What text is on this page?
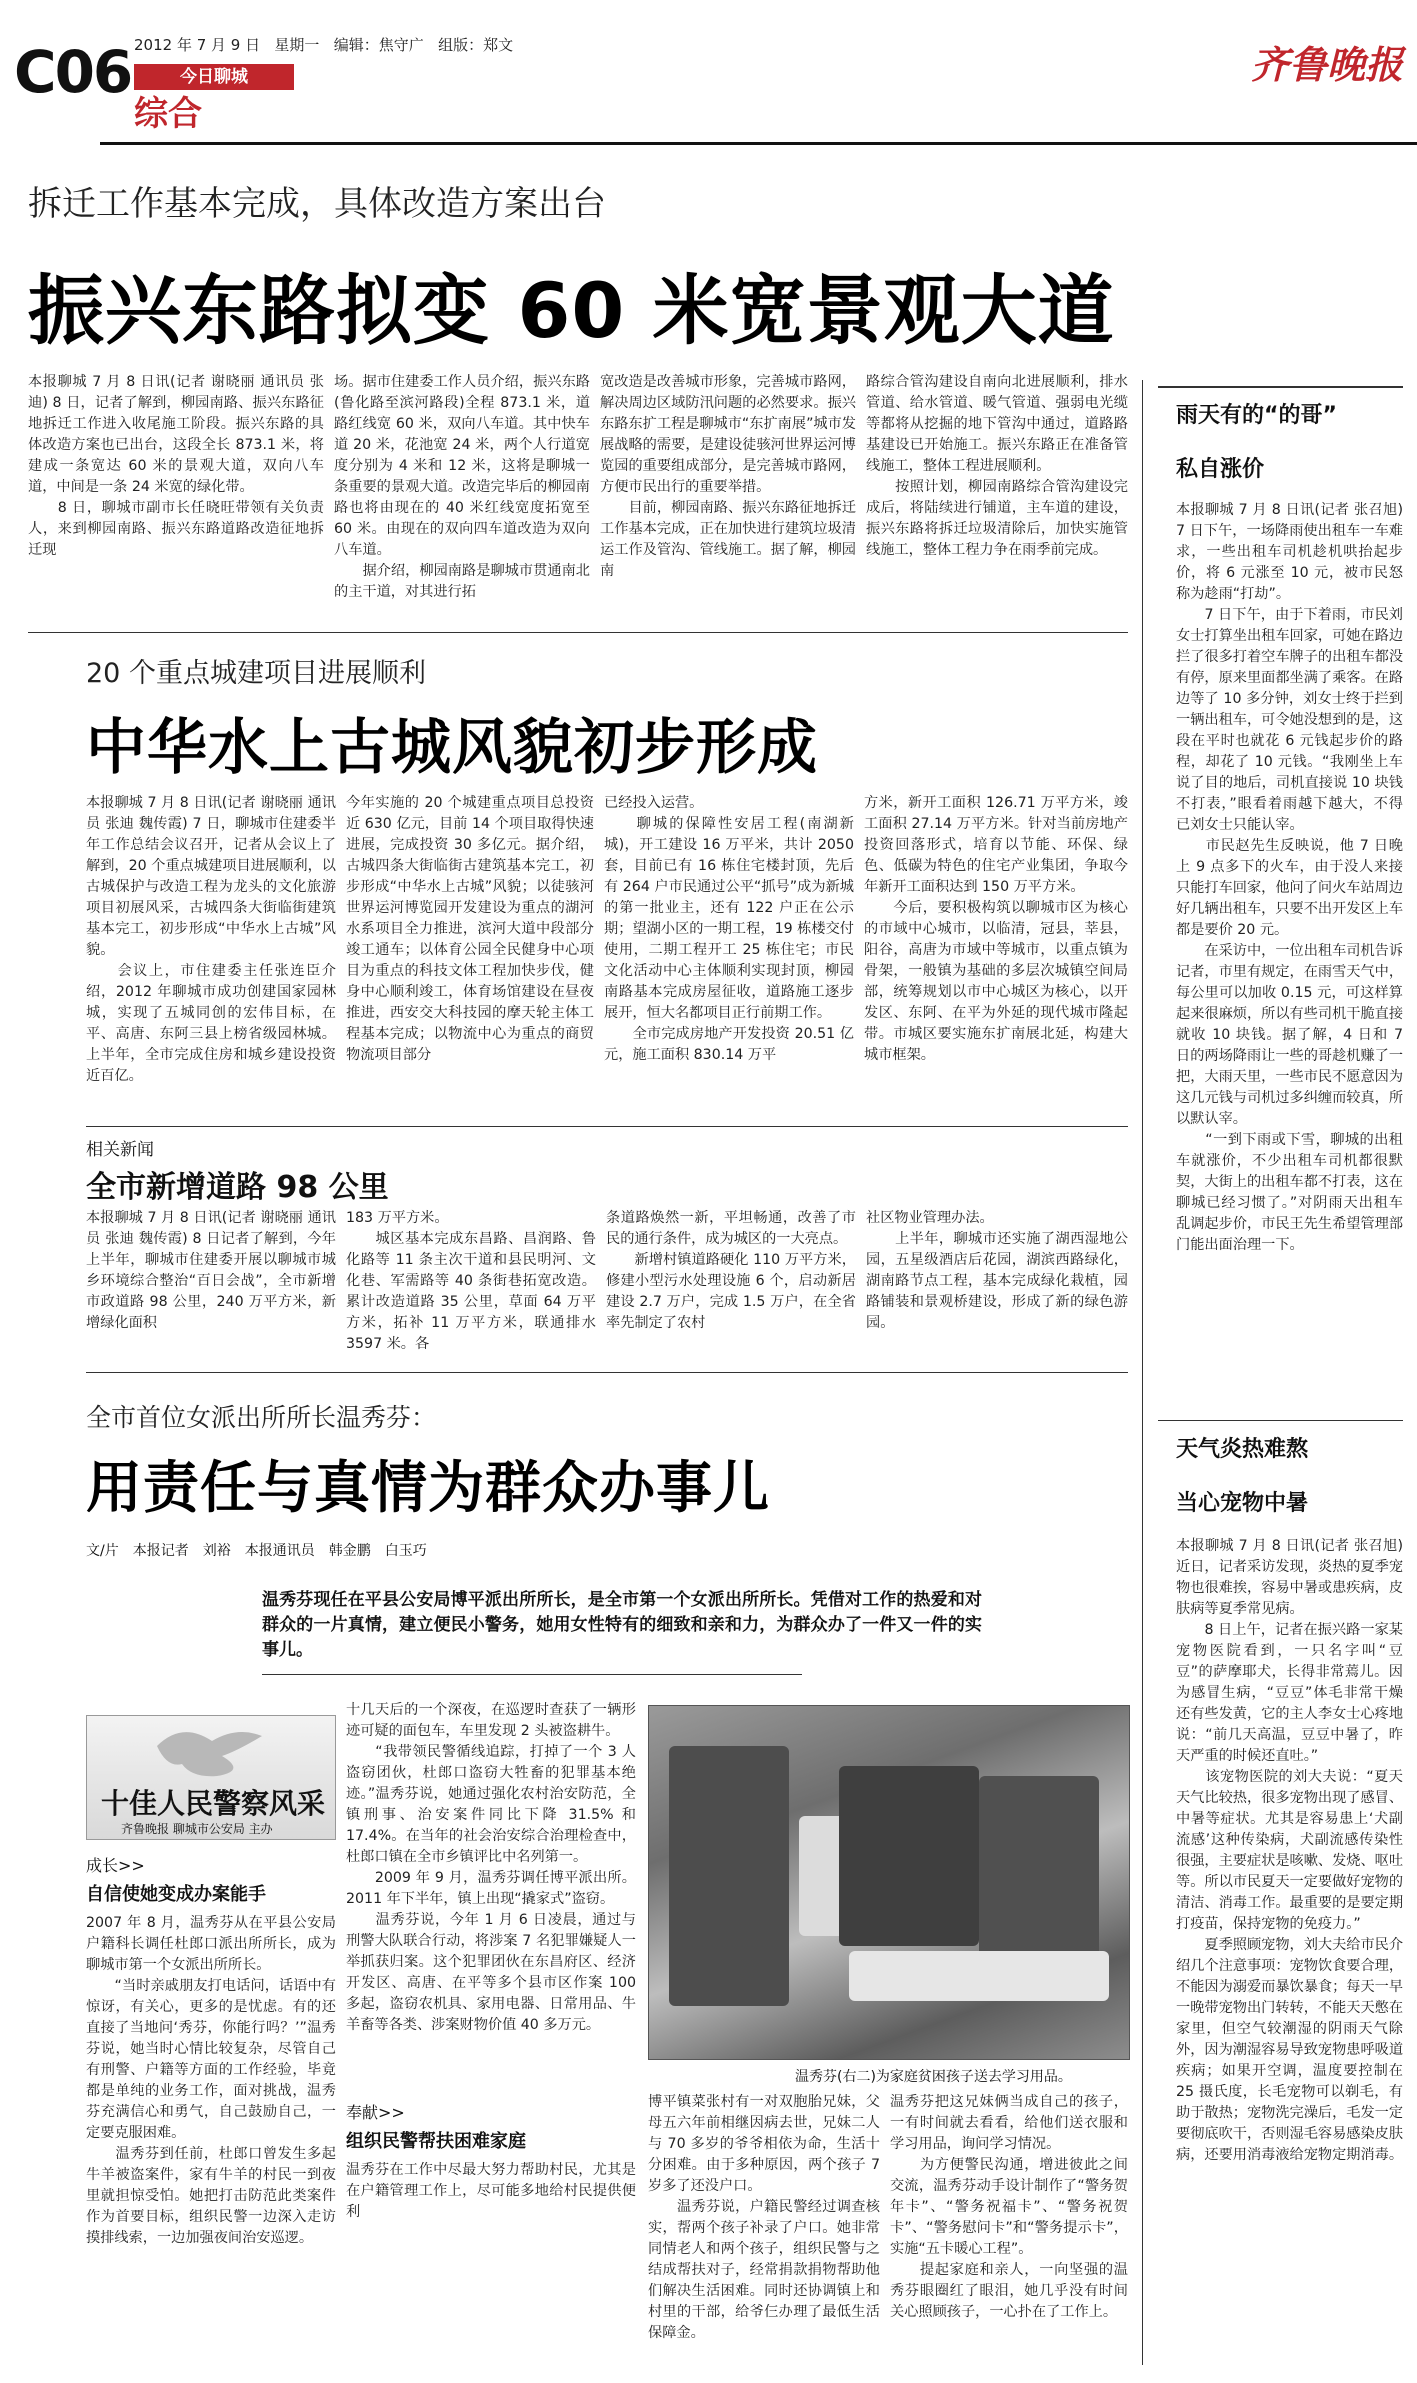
C06 2012 年 7 月 9 日 星期一 编辑：焦守广 组版：郑文
今日聊城
综合
齐鲁晚报
拆迁工作基本完成，具体改造方案出台
振兴东路拟变 60 米宽景观大道
本报聊城 7 月 8 日讯(记者 谢晓丽 通讯员 张迪) 8 日，记者了解到，柳园南路、振兴东路征地拆迁工作进入收尾施工阶段。振兴东路的具体改造方案也已出台，这段全长 873.1 米，将建成一条宽达 60 米的景观大道，双向八车道，中间是一条 24 米宽的绿化带。
　　8 日，聊城市副市长任晓旺带领有关负责人，来到柳园南路、振兴东路道路改造征地拆迁现
场。据市住建委工作人员介绍，振兴东路(鲁化路至滨河路段)全程 873.1 米，道路红线宽 60 米，双向八车道。其中快车道 20 米，花池宽 24 米，两个人行道宽度分别为 4 米和 12 米，这将是聊城一条重要的景观大道。改造完毕后的柳园南路也将由现在的 40 米红线宽度拓宽至 60 米。由现在的双向四车道改造为双向八车道。
　　据介绍，柳园南路是聊城市贯通南北的主干道，对其进行拓
宽改造是改善城市形象，完善城市路网，解决周边区域防汛问题的必然要求。振兴东路东扩工程是聊城市“东扩南展”城市发展战略的需要，是建设徒骇河世界运河博览园的重要组成部分，是完善城市路网，方便市民出行的重要举措。
　　目前，柳园南路、振兴东路征地拆迁工作基本完成，正在加快进行建筑垃圾清运工作及管沟、管线施工。据了解，柳园南
路综合管沟建设自南向北进展顺利，排水管道、给水管道、暖气管道、强弱电光缆等都将从挖掘的地下管沟中通过，道路路基建设已开始施工。振兴东路正在准备管线施工，整体工程进展顺利。
　　按照计划，柳园南路综合管沟建设完成后，将陆续进行铺道，主车道的建设，振兴东路将拆迁垃圾清除后，加快实施管线施工，整体工程力争在雨季前完成。
20 个重点城建项目进展顺利
中华水上古城风貌初步形成
本报聊城 7 月 8 日讯(记者 谢晓丽 通讯员 张迪 魏传霞) 7 日，聊城市住建委半年工作总结会议召开，记者从会议上了解到，20 个重点城建项目进展顺利，以古城保护与改造工程为龙头的文化旅游项目初展风采，古城四条大街临街建筑基本完工，初步形成“中华水上古城”风貌。
　　会议上，市住建委主任张连臣介绍，2012 年聊城市成功创建国家园林城，实现了五城同创的宏伟目标，在平、高唐、东阿三县上榜省级园林城。上半年，全市完成住房和城乡建设投资近百亿。
今年实施的 20 个城建重点项目总投资近 630 亿元，目前 14 个项目取得快速进展，完成投资 30 多亿元。据介绍，古城四条大街临街古建筑基本完工，初步形成“中华水上古城”风貌；以徒骇河世界运河博览园开发建设为重点的湖河水系项目全力推进，滨河大道中段部分竣工通车；以体育公园全民健身中心项目为重点的科技文体工程加快步伐，健身中心顺利竣工，体育场馆建设在昼夜推进，西安交大科技园的摩天轮主体工程基本完成；以物流中心为重点的商贸物流项目部分
已经投入运营。
　　聊城的保障性安居工程(南湖新城)，开工建设 16 万平米，共计 2050 套，目前已有 16 栋住宅楼封顶，先后有 264 户市民通过公平“抓号”成为新城的第一批业主，还有 122 户正在公示期；望湖小区的一期工程，19 栋楼交付使用，二期工程开工 25 栋住宅；市民文化活动中心主体顺利实现封顶，柳园南路基本完成房屋征收，道路施工逐步展开，恒大名都项目正行前期工作。
　　全市完成房地产开发投资 20.51 亿元，施工面积 830.14 万平
方米，新开工面积 126.71 万平方米，竣工面积 27.14 万平方米。针对当前房地产投资回落形式，培育以节能、环保、绿色、低碳为特色的住宅产业集团，争取今年新开工面积达到 150 万平方米。
　　今后，要积极构筑以聊城市区为核心的市域中心城市，以临清，冠县，莘县，阳谷，高唐为市域中等城市，以重点镇为骨架，一般镇为基础的多层次城镇空间局部，统筹规划以市中心城区为核心，以开发区、东阿、在平为外延的现代城市隆起带。市城区要实施东扩南展北延，构建大城市框架。
相关新闻
全市新增道路 98 公里
本报聊城 7 月 8 日讯(记者 谢晓丽 通讯员 张迪 魏传霞) 8 日记者了解到，今年上半年，聊城市住建委开展以聊城市城乡环境综合整治“百日会战”，全市新增市政道路 98 公里，240 万平方米，新增绿化面积
183 万平方米。
　　城区基本完成东昌路、昌润路、鲁化路等 11 条主次干道和县民明河、文化巷、军需路等 40 条街巷拓宽改造。累计改造道路 35 公里，草面 64 万平方米，拓补 11 万平方米，联通排水 3597 米。各
条道路焕然一新，平坦畅通，改善了市民的通行条件，成为城区的一大亮点。
　　新增村镇道路硬化 110 万平方米，修建小型污水处理设施 6 个，启动新居建设 2.7 万户，完成 1.5 万户，在全省率先制定了农村
社区物业管理办法。
　　上半年，聊城市还实施了湖西湿地公园，五星级酒店后花园，湖滨西路绿化，湖南路节点工程，基本完成绿化栽植，园路铺装和景观桥建设，形成了新的绿色游园。
全市首位女派出所所长温秀芬：
用责任与真情为群众办事儿
文/片　本报记者　刘裕　本报通讯员　韩金鹏　白玉巧
温秀芬现任在平县公安局博平派出所所长，是全市第一个女派出所所长。凭借对工作的热爱和对群众的一片真情，建立便民小警务，她用女性特有的细致和亲和力，为群众办了一件又一件的实事儿。
十佳人民警察风采
齐鲁晚报 聊城市公安局 主办
成长>>
自信使她变成办案能手
2007 年 8 月，温秀芬从在平县公安局户籍科长调任杜郎口派出所所长，成为聊城市第一个女派出所所长。
　　“当时亲戚朋友打电话问，话语中有惊讶，有关心，更多的是忧虑。有的还直接了当地问‘秀芬，你能行吗？’”温秀芬说，她当时心情比较复杂，尽管自己有刑警、户籍等方面的工作经验，毕竟都是单纯的业务工作，面对挑战，温秀芬充满信心和勇气，自己鼓励自己，一定要克服困难。
　　温秀芬到任前，杜郎口曾发生多起牛羊被盗案件，家有牛羊的村民一到夜里就担惊受怕。她把打击防范此类案件作为首要目标，组织民警一边深入走访摸排线索，一边加强夜间治安巡逻。
十几天后的一个深夜，在巡逻时查获了一辆形迹可疑的面包车，车里发现 2 头被盗耕牛。
　　“我带领民警循线追踪，打掉了一个 3 人盗窃团伙，杜郎口盗窃大牲畜的犯罪基本绝迹。”温秀芬说，她通过强化农村治安防范，全镇刑事、治安案件同比下降 31.5% 和 17.4%。在当年的社会治安综合治理检查中，杜郎口镇在全市乡镇评比中名列第一。
　　2009 年 9 月，温秀芬调任博平派出所。2011 年下半年，镇上出现“撬家式”盗窃。
　　温秀芬说，今年 1 月 6 日凌晨，通过与刑警大队联合行动，将涉案 7 名犯罪嫌疑人一举抓获归案。这个犯罪团伙在东昌府区、经济开发区、高唐、在平等多个县市区作案 100 多起，盗窃农机具、家用电器、日常用品、牛羊畜等各类、涉案财物价值 40 多万元。
奉献>>
组织民警帮扶困难家庭
温秀芬在工作中尽最大努力帮助村民，尤其是在户籍管理工作上，尽可能多地给村民提供便利
温秀芬(右二)为家庭贫困孩子送去学习用品。
博平镇菜张村有一对双胞胎兄妹，父母五六年前相继因病去世，兄妹二人与 70 多岁的爷爷相依为命，生活十分困难。由于多种原因，两个孩子 7 岁多了还没户口。
　　温秀芬说，户籍民警经过调查核实，帮两个孩子补录了户口。她非常同情老人和两个孩子，组织民警与之结成帮扶对子，经常捐款捐物帮助他们解决生活困难。同时还协调镇上和村里的干部，给爷仨办理了最低生活保障金。
温秀芬把这兄妹俩当成自己的孩子，一有时间就去看看，给他们送衣服和学习用品，询问学习情况。
　　为方便警民沟通，增进彼此之间交流，温秀芬动手设计制作了“警务贺年卡”、“警务祝福卡”、“警务祝贺卡”、“警务慰问卡”和“警务提示卡”，实施“五卡暖心工程”。
　　提起家庭和亲人，一向坚强的温秀芬眼圈红了眼泪，她几乎没有时间关心照顾孩子，一心扑在了工作上。
雨天有的“的哥”
私自涨价
本报聊城 7 月 8 日讯(记者 张召旭) 7 日下午，一场降雨使出租车一车难求，一些出租车司机趁机哄抬起步价，将 6 元涨至 10 元，被市民怒称为趁雨“打劫”。
　　7 日下午，由于下着雨，市民刘女士打算坐出租车回家，可她在路边拦了很多打着空车牌子的出租车都没有停，原来里面都坐满了乘客。在路边等了 10 多分钟，刘女士终于拦到一辆出租车，可令她没想到的是，这段在平时也就花 6 元钱起步价的路程，却花了 10 元钱。“我刚坐上车说了目的地后，司机直接说 10 块钱不打表，”眼看着雨越下越大，不得已刘女士只能认宰。
　　市民赵先生反映说，他 7 日晚上 9 点多下的火车，由于没人来接只能打车回家，他问了问火车站周边好几辆出租车，只要不出开发区上车都是要价 20 元。
　　在采访中，一位出租车司机告诉记者，市里有规定，在雨雪天气中，每公里可以加收 0.15 元，可这样算起来很麻烦，所以有些司机干脆直接就收 10 块钱。据了解，4 日和 7 日的两场降雨让一些的哥趁机赚了一把，大雨天里，一些市民不愿意因为这几元钱与司机过多纠缠而较真，所以默认宰。
　　“一到下雨或下雪，聊城的出租车就涨价，不少出租车司机都很默契，大街上的出租车都不打表，这在聊城已经习惯了。”对阴雨天出租车乱调起步价，市民王先生希望管理部门能出面治理一下。
天气炎热难熬
当心宠物中暑
本报聊城 7 月 8 日讯(记者 张召旭) 近日，记者采访发现，炎热的夏季宠物也很难挨，容易中暑或患疾病，皮肤病等夏季常见病。
　　8 日上午，记者在振兴路一家某宠物医院看到，一只名字叫“豆豆”的萨摩耶犬，长得非常蔫儿。因为感冒生病，“豆豆”体毛非常干燥还有些发黄，它的主人李女士心疼地说：“前几天高温，豆豆中暑了，昨天严重的时候还直吐。”
　　该宠物医院的刘大夫说：“夏天天气比较热，很多宠物出现了感冒、中暑等症状。尤其是容易患上‘犬副流感’这种传染病，犬副流感传染性很强，主要症状是咳嗽、发烧、呕吐等。所以市民夏天一定要做好宠物的清洁、消毒工作。最重要的是要定期打疫苗，保持宠物的免疫力。”
　　夏季照顾宠物，刘大夫给市民介绍几个注意事项：宠物饮食要合理，不能因为溺爱而暴饮暴食；每天一早一晚带宠物出门转转，不能天天憋在家里，但空气较潮湿的阴雨天气除外，因为潮湿容易导致宠物患呼吸道疾病；如果开空调，温度要控制在 25 摄氏度，长毛宠物可以剃毛，有助于散热；宠物洗完澡后，毛发一定要彻底吹干，否则湿毛容易感染皮肤病，还要用消毒液给宠物定期消毒。
